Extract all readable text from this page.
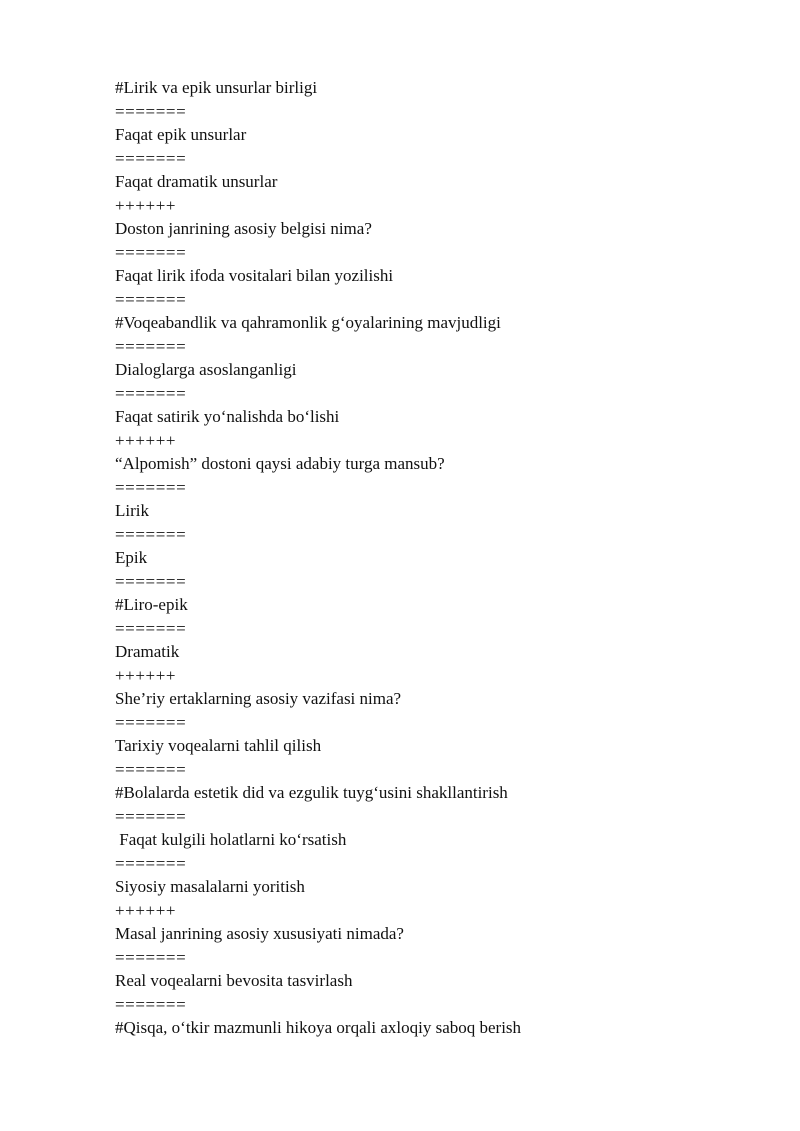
#Lirik va epik unsurlar birligi
=======
Faqat epik unsurlar
=======
Faqat dramatik unsurlar
++++++
Doston janrining asosiy belgisi nima?
=======
Faqat lirik ifoda vositalari bilan yozilishi
=======
#Voqeabandlik va qahramonlik g‘oyalarining mavjudligi
=======
Dialoglarga asoslanganligi
=======
Faqat satirik yo‘nalishda bo‘lishi
++++++
“Alpomish” dostoni qaysi adabiy turga mansub?
=======
Lirik
=======
Epik
=======
#Liro-epik
=======
Dramatik
++++++
She’riy ertaklarning asosiy vazifasi nima?
=======
Tarixiy voqealarni tahlil qilish
=======
#Bolalarda estetik did va ezgulik tuyg‘usini shakllantirish
=======
Faqat kulgili holatlarni ko‘rsatish
=======
Siyosiy masalalarni yoritish
++++++
Masal janrining asosiy xususiyati nimada?
=======
Real voqealarni bevosita tasvirlash
=======
#Qisqa, o‘tkir mazmunli hikoya orqali axloqiy saboq berish
